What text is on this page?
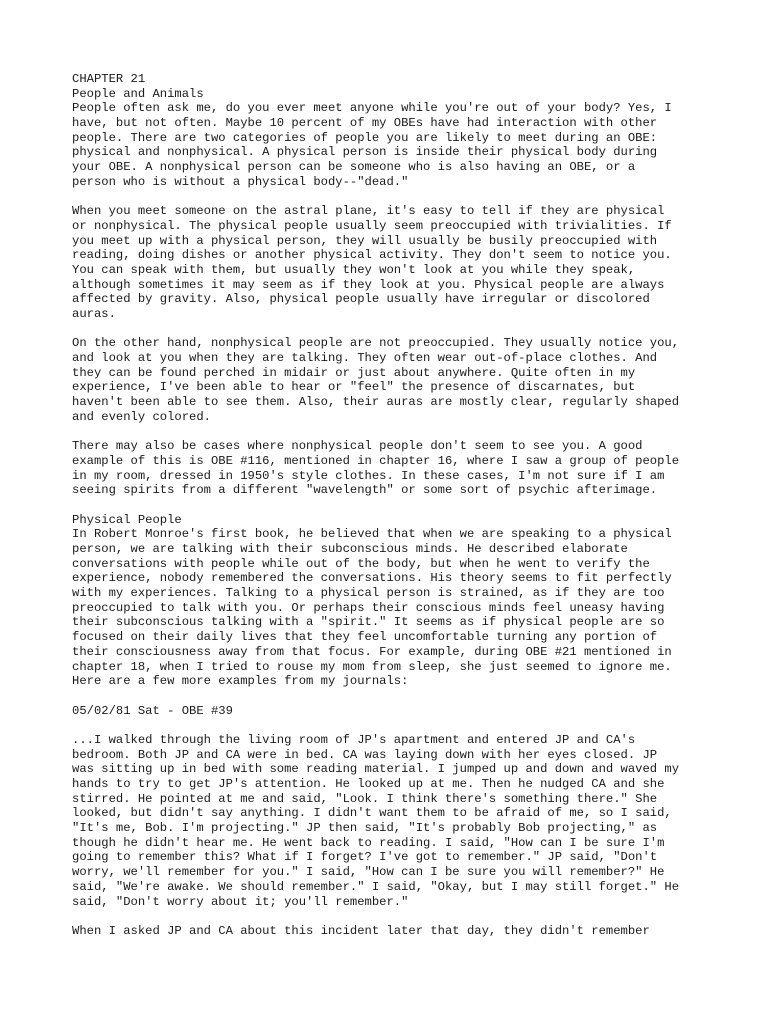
CHAPTER 21
People and Animals
People often ask me, do you ever meet anyone while you're out of your body? Yes, I
have, but not often. Maybe 10 percent of my OBEs have had interaction with other
people. There are two categories of people you are likely to meet during an OBE:
physical and nonphysical. A physical person is inside their physical body during
your OBE. A nonphysical person can be someone who is also having an OBE, or a
person who is without a physical body--"dead."
When you meet someone on the astral plane, it's easy to tell if they are physical
or nonphysical. The physical people usually seem preoccupied with trivialities. If
you meet up with a physical person, they will usually be busily preoccupied with
reading, doing dishes or another physical activity. They don't seem to notice you.
You can speak with them, but usually they won't look at you while they speak,
although sometimes it may seem as if they look at you. Physical people are always
affected by gravity. Also, physical people usually have irregular or discolored
auras.
On the other hand, nonphysical people are not preoccupied. They usually notice you,
and look at you when they are talking. They often wear out-of-place clothes. And
they can be found perched in midair or just about anywhere. Quite often in my
experience, I've been able to hear or "feel" the presence of discarnates, but
haven't been able to see them. Also, their auras are mostly clear, regularly shaped
and evenly colored.
There may also be cases where nonphysical people don't seem to see you. A good
example of this is OBE #116, mentioned in chapter 16, where I saw a group of people
in my room, dressed in 1950's style clothes. In these cases, I'm not sure if I am
seeing spirits from a different "wavelength" or some sort of psychic afterimage.
Physical People
In Robert Monroe's first book, he believed that when we are speaking to a physical
person, we are talking with their subconscious minds. He described elaborate
conversations with people while out of the body, but when he went to verify the
experience, nobody remembered the conversations. His theory seems to fit perfectly
with my experiences. Talking to a physical person is strained, as if they are too
preoccupied to talk with you. Or perhaps their conscious minds feel uneasy having
their subconscious talking with a "spirit." It seems as if physical people are so
focused on their daily lives that they feel uncomfortable turning any portion of
their consciousness away from that focus. For example, during OBE #21 mentioned in
chapter 18, when I tried to rouse my mom from sleep, she just seemed to ignore me.
Here are a few more examples from my journals:
05/02/81 Sat - OBE #39
...I walked through the living room of JP's apartment and entered JP and CA's
bedroom. Both JP and CA were in bed. CA was laying down with her eyes closed. JP
was sitting up in bed with some reading material. I jumped up and down and waved my
hands to try to get JP's attention. He looked up at me. Then he nudged CA and she
stirred. He pointed at me and said, "Look. I think there's something there." She
looked, but didn't say anything. I didn't want them to be afraid of me, so I said,
"It's me, Bob. I'm projecting." JP then said, "It's probably Bob projecting," as
though he didn't hear me. He went back to reading. I said, "How can I be sure I'm
going to remember this? What if I forget? I've got to remember." JP said, "Don't
worry, we'll remember for you." I said, "How can I be sure you will remember?" He
said, "We're awake. We should remember." I said, "Okay, but I may still forget." He
said, "Don't worry about it; you'll remember."
When I asked JP and CA about this incident later that day, they didn't remember
